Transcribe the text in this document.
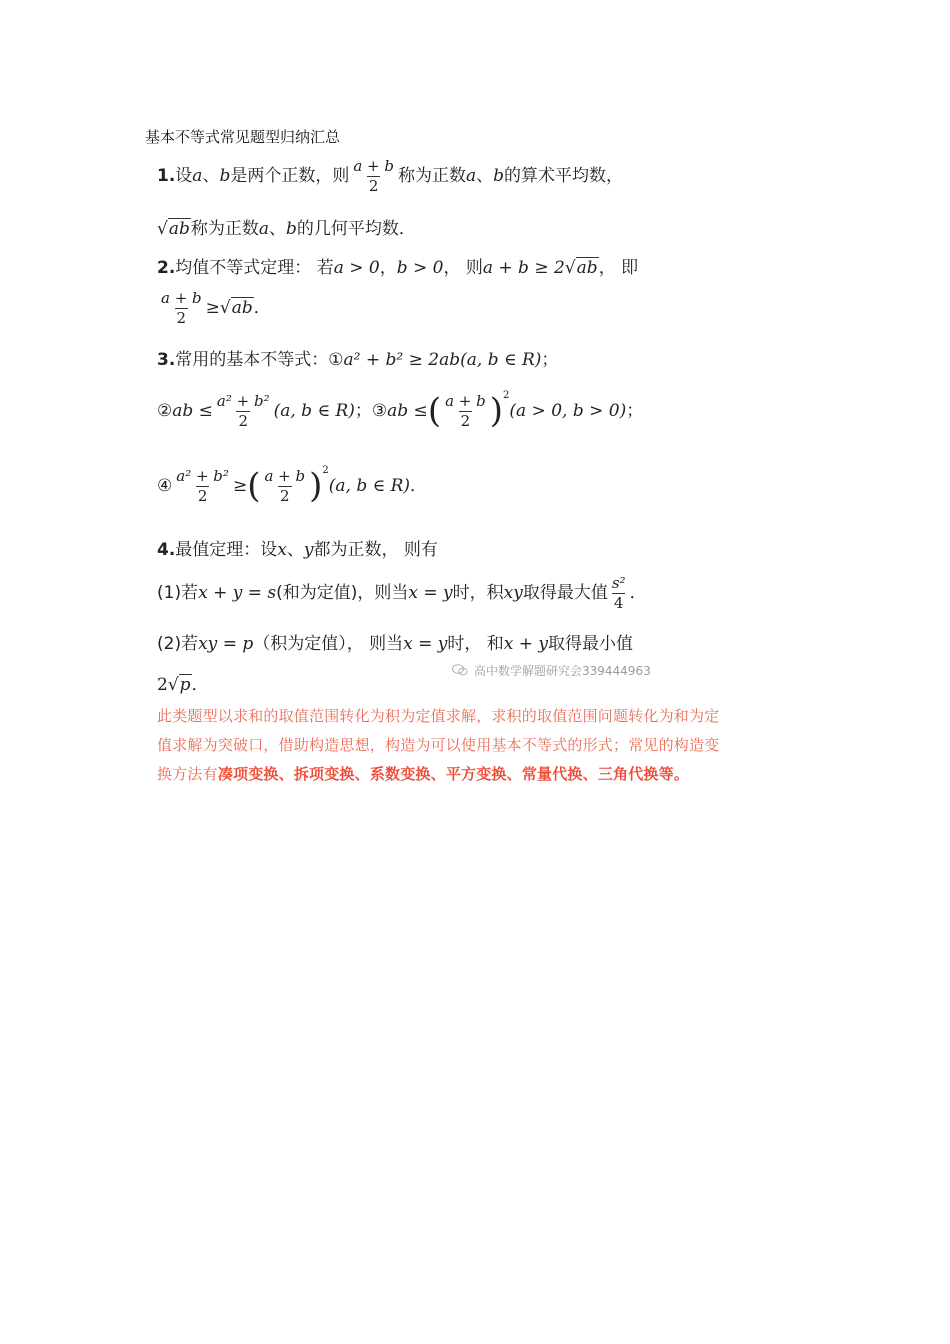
基本不等式常见题型归纳汇总
1.设a、b是两个正数，则 $\frac{a + b}{2}$ 称为正数a、b的算术平均数，
√ab称为正数a、b的几何平均数．
2.均值不等式定理： 若a > 0，b > 0， 则a + b ≥ 2√ab， 即
$\frac{a + b}{2} \ge√ab$．
3.常用的基本不等式：①a² + b² ≥ 2ab(a, b ∈ R)；
②ab ≤ $\frac{\text{a² + b²}}{2} (a$, b ∈ R)；③ab ≤( $\frac{a + b}{2} )^2(a > 0$, b > 0)；
④ $\frac{\text{a² + b²}}{2}$ ≥( $\frac{a + b}{2} )^2(a$, b ∈ R)．
4.最值定理：设x、y都为正数， 则有
(1)若x + y = s(和为定值)，则当x = y时，积xy取得最大值 $\frac{\text{s²}}{4}$ ．
(2)若xy = p（积为定值）， 则当x = y时， 和x + y取得最小值
2√p．
高中数学解题研究会339444963
此类题型以求和的取值范围转化为积为定值求解，求积的取值范围问题转化为和为定值求解为突破口，借助构造思想，构造为可以使用基本不等式的形式；常见的构造变换方法有凑项变换、拆项变换、系数变换、平方变换、常量代换、三角代换等。
